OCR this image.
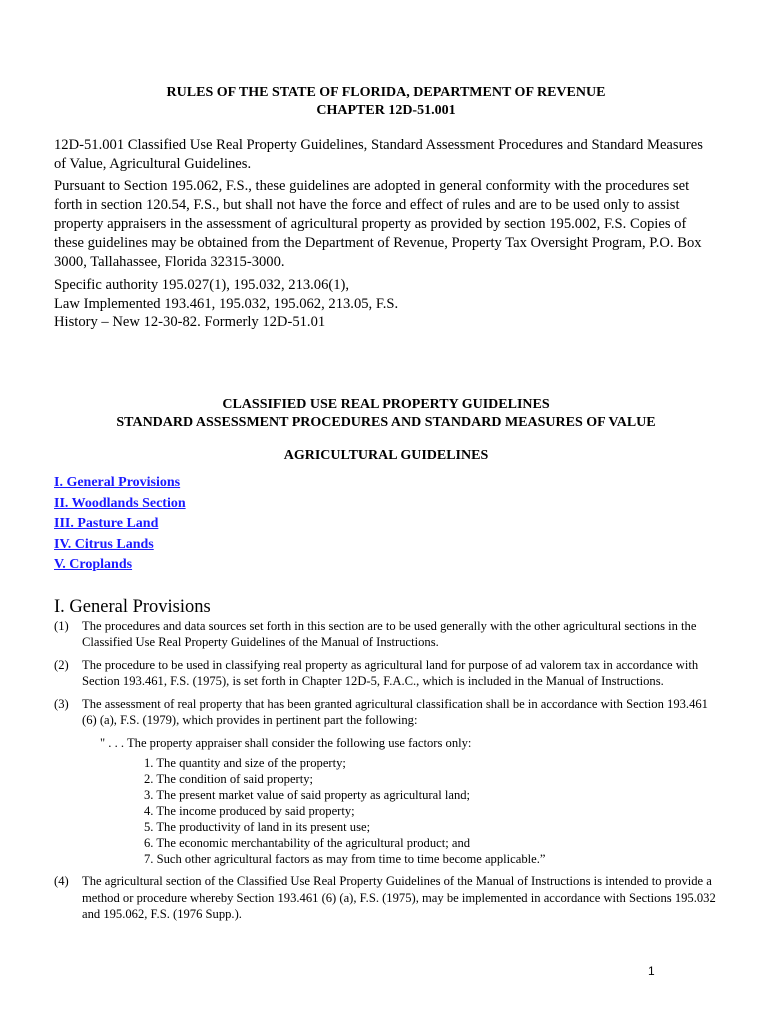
RULES OF THE STATE OF FLORIDA, DEPARTMENT OF REVENUE

CHAPTER 12D-51.001

12D-51.001 Classified Use Real Property Guidelines, Standard Assessment Procedures and Standard Measures of Value, Agricultural Guidelines.

Pursuant to Section 195.062, F.S., these guidelines are adopted in general conformity with the procedures set forth in section 120.54, F.S., but shall not have the force and effect of rules and are to be used only to assist property appraisers in the assessment of agricultural property as provided by section 195.002, F.S. Copies of these guidelines may be obtained from the Department of Revenue, Property Tax Oversight Program, P.O. Box 3000, Tallahassee, Florida 32315-3000.

Specific authority 195.027(1), 195.032, 213.06(1),
Law Implemented 193.461, 195.032, 195.062, 213.05, F.S.
History – New 12-30-82. Formerly 12D-51.01

CLASSIFIED USE REAL PROPERTY GUIDELINES

STANDARD ASSESSMENT PROCEDURES AND STANDARD MEASURES OF VALUE

AGRICULTURAL GUIDELINES

I. General Provisions
II. Woodlands Section
III. Pasture Land
IV. Citrus Lands
V. Croplands
I. General Provisions
(1)	The procedures and data sources set forth in this section are to be used generally with the other agricultural sections in the Classified Use Real Property Guidelines of the Manual of Instructions.
(2)	The procedure to be used in classifying real property as agricultural land for purpose of ad valorem tax in accordance with Section 193.461, F.S. (1975), is set forth in Chapter 12D-5, F.A.C., which is included in the Manual of Instructions.
(3)	The assessment of real property that has been granted agricultural classification shall be in accordance with Section 193.461 (6) (a), F.S. (1979), which provides in pertinent part the following:

" . . . The property appraiser shall consider the following use factors only:

1. The quantity and size of the property;
2. The condition of said property;
3. The present market value of said property as agricultural land;
4. The income produced by said property;
5. The productivity of land in its present use;
6. The economic merchantability of the agricultural product; and
7. Such other agricultural factors as may from time to time become applicable.”
(4)	The agricultural section of the Classified Use Real Property Guidelines of the Manual of Instructions is intended to provide a method or procedure whereby Section 193.461 (6) (a), F.S. (1975), may be implemented in accordance with Sections 195.032 and 195.062, F.S. (1976 Supp.).
1
